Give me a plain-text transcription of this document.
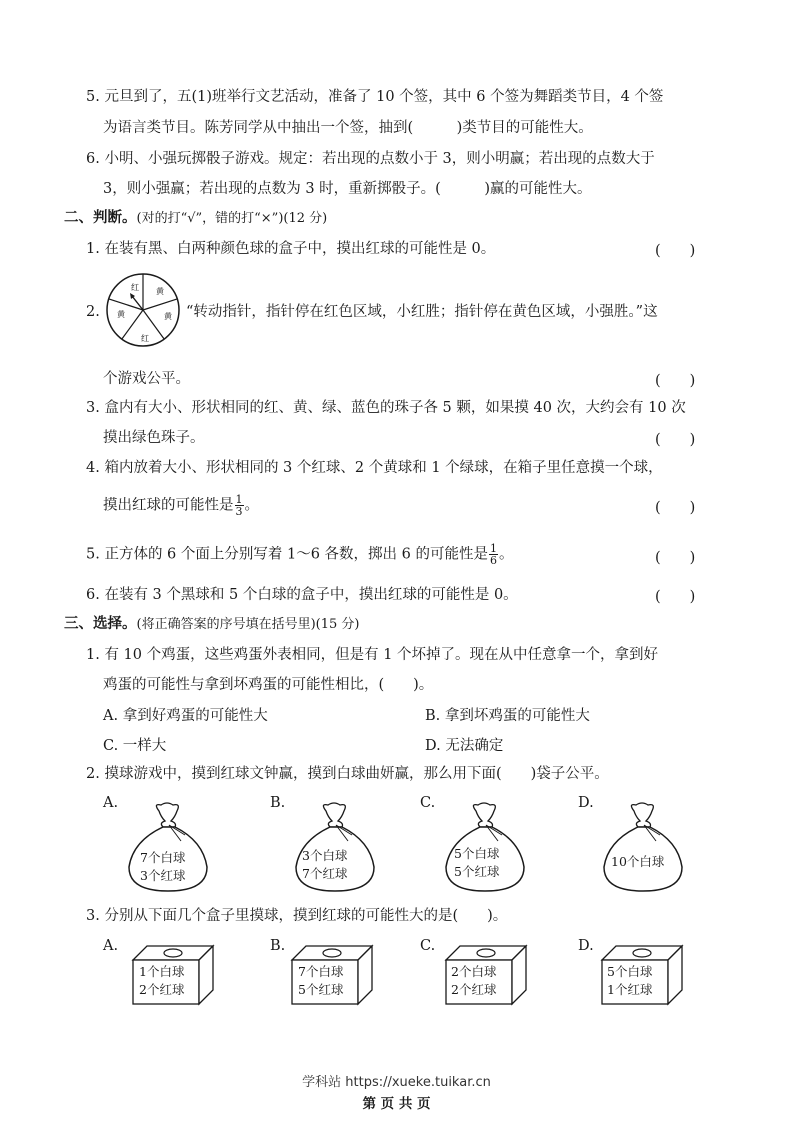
5. 元旦到了，五(1)班举行文艺活动，准备了 10 个签，其中 6 个签为舞蹈类节目，4 个签
为语言类节目。陈芳同学从中抽出一个签，抽到(　　　)类节目的可能性大。
6. 小明、小强玩掷骰子游戏。规定：若出现的点数小于 3，则小明赢；若出现的点数大于
3，则小强赢；若出现的点数为 3 时，重新掷骰子。(　　　)赢的可能性大。
二、判断。(对的打“√”，错的打“×”)(12 分)
1. 在装有黑、白两种颜色球的盒子中，摸出红球的可能性是 0。	(　　)
2.
红 黄
黄
红
黄	“转动指针，指针停在红色区域，小红胜；指针停在黄色区域，小强胜。”这
个游戏公平。	(　　)
3. 盒内有大小、形状相同的红、黄、绿、蓝色的珠子各 5 颗，如果摸 40 次，大约会有 10 次
摸出绿色珠子。	(　　)
4. 箱内放着大小、形状相同的 3 个红球、2 个黄球和 1 个绿球，在箱子里任意摸一个球，
摸出红球的可能性是 $\frac{1}{3}$ 。	(　　)
5. 正方体的 6 个面上分别写着 1～6 各数，掷出 6 的可能性是 $\frac{1}{6}$ 。	(　　)
6. 在装有 3 个黑球和 5 个白球的盒子中，摸出红球的可能性是 0。	(　　)
三、选择。(将正确答案的序号填在括号里)(15 分)
1. 有 10 个鸡蛋，这些鸡蛋外表相同，但是有 1 个坏掉了。现在从中任意拿一个，拿到好
鸡蛋的可能性与拿到坏鸡蛋的可能性相比，(　　)。
A. 拿到好鸡蛋的可能性大	B. 拿到坏鸡蛋的可能性大
C. 一样大	D. 无法确定
2. 摸球游戏中，摸到红球文钟赢，摸到白球曲妍赢，那么用下面(　　)袋子公平。
A.
7个白球
3个红球
B.
3个白球
7个红球
C.
5个白球
5个红球
D.
10个白球
3. 分别从下面几个盒子里摸球，摸到红球的可能性大的是(　　)。
A.
1个白球
2个红球
B.
7个白球
5个红球
C.
2个白球
2个红球
D.
5个白球
1个红球
学科站 https://xueke.tuikar.cn
第 页 共 页
